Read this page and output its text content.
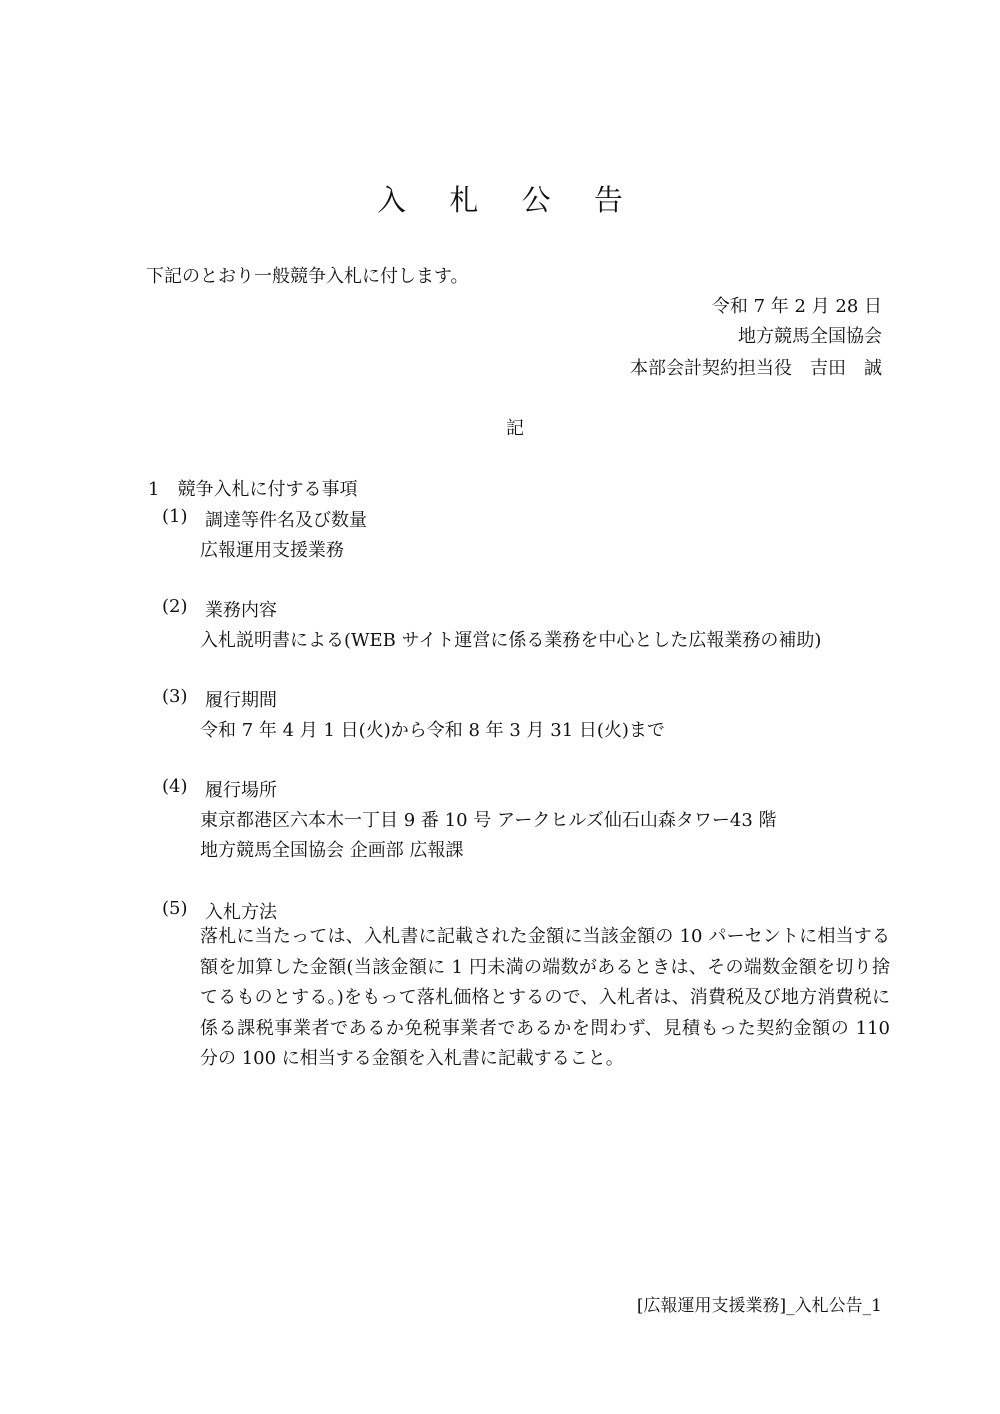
入 札 公 告
下記のとおり一般競争入札に付します。
令和 7 年 2 月 28 日
地方競馬全国協会
本部会計契約担当役　吉田　誠
記
1　競争入札に付する事項
(1) 調達等件名及び数量
広報運用支援業務
(2) 業務内容
入札説明書による(WEB サイト運営に係る業務を中心とした広報業務の補助)
(3) 履行期間
令和 7 年 4 月 1 日(火)から令和 8 年 3 月 31 日(火)まで
(4) 履行場所
東京都港区六本木一丁目 9 番 10 号 アークヒルズ仙石山森タワー43 階
地方競馬全国協会 企画部 広報課
(5) 入札方法
落札に当たっては、入札書に記載された金額に当該金額の 10 パーセントに相当する額を加算した金額(当該金額に 1 円未満の端数があるときは、その端数金額を切り捨てるものとする。)をもって落札価格とするので、入札者は、消費税及び地方消費税に係る課税事業者であるか免税事業者であるかを問わず、見積もった契約金額の 110 分の 100 に相当する金額を入札書に記載すること。
[広報運用支援業務]_入札公告_1
